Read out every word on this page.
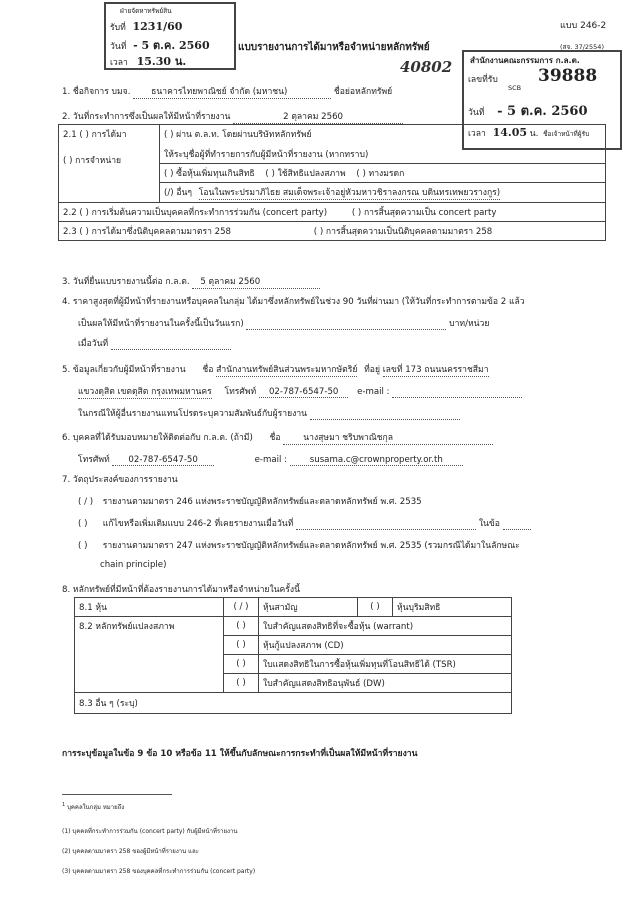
ฝ่ายจัดหาทรัพย์สิน
รับที่ 1231/60
วันที่ - 5 ต.ค. 2560
เวลา 15.30 น.
แบบ 246-2
(สจ. 37/2554)
แบบรายงานการได้มาหรือจำหน่ายหลักทรัพย์
40802 สำนักงานคณะกรรมการ ก.ล.ต.
เลขที่รับ 39888
SCB
วันที่ - 5 ต.ค. 2560
เวลา 14.05 น. ชื่อเจ้าหน้าที่ผู้รับ
1. ชื่อกิจการ บมจ. ธนาคารไทยพาณิชย์ จำกัด (มหาชน)	ชื่อย่อหลักทรัพย์
2. วันที่กระทำการซึ่งเป็นผลให้มีหน้าที่รายงาน	2 ตุลาคม 2560
2.1 ( ) การได้มา
( ) การจำหน่าย

( ) ผ่าน ต.ล.ท. โดยผ่านบริษัทหลักทรัพย์
ให้ระบุชื่อผู้ที่ทำรายการกับผู้มีหน้าที่รายงาน (หากทราบ)

( ) ซื้อหุ้นเพิ่มทุนเกินสิทธิ ( ) ใช้สิทธิแปลงสภาพ ( ) ทางมรดก
(/) อื่นๆ โอนในพระปรมาภิไธย สมเด็จพระเจ้าอยู่หัวมหาวชิราลงกรณ บดินทรเทพยวรางกูร)
2.2 ( ) การเริ่มต้นความเป็นบุคคลที่กระทำการร่วมกัน (concert party)	( ) การสิ้นสุดความเป็น concert party
2.3 ( ) การได้มาซึ่งนิติบุคคลตามมาตรา 258	( ) การสิ้นสุดความเป็นนิติบุคคลตามมาตรา 258
3. วันที่ยื่นแบบรายงานนี้ต่อ ก.ล.ต. 5 ตุลาคม 2560
4. ราคาสูงสุดที่ผู้มีหน้าที่รายงานหรือบุคคลในกลุ่ม ได้มาซึ่งหลักทรัพย์ในช่วง 90 วันที่ผ่านมา (ให้วันที่กระทำการตามข้อ 2 แล้ว
เป็นผลให้มีหน้าที่รายงานในครั้งนี้เป็นวันแรก)	บาท/หน่วย
เมื่อวันที่
5. ข้อมูลเกี่ยวกับผู้มีหน้าที่รายงาน ชื่อ สำนักงานทรัพย์สินส่วนพระมหากษัตริย์ ที่อยู่ เลขที่ 173 ถนนนครราชสีมา
แขวงดุสิต เขตดุสิต กรุงเทพมหานคร โทรศัพท์ 02-787-6547-50 e-mail :
ในกรณีให้ผู้อื่นรายงานแทนโปรดระบุความสัมพันธ์กับผู้รายงาน
6. บุคคลที่ได้รับมอบหมายให้ติดต่อกับ ก.ล.ต. (ถ้ามี) ชื่อ	นางสุษมา ชริบพาณิชกุล
โทรศัพท์ 02-787-6547-50	e-mail :	susama.c@crownproperty.or.th
7. วัตถุประสงค์ของการรายงาน
( / ) รายงานตามมาตรา 246 แห่งพระราชบัญญัติหลักทรัพย์และตลาดหลักทรัพย์ พ.ศ. 2535
( ) แก้ไขหรือเพิ่มเติมแบบ 246-2 ที่เคยรายงานเมื่อวันที่	ในข้อ
( ) รายงานตามมาตรา 247 แห่งพระราชบัญญัติหลักทรัพย์และตลาดหลักทรัพย์ พ.ศ. 2535 (รวมกรณีได้มาในลักษณะ
chain principle)
8. หลักทรัพย์ที่มีหน้าที่ต้องรายงานการได้มาหรือจำหน่ายในครั้งนี้
8.1 หุ้น	( / )	หุ้นสามัญ	( )	หุ้นบุริมสิทธิ
8.2 หลักทรัพย์แปลงสภาพ	( )	ใบสำคัญแสดงสิทธิที่จะซื้อหุ้น (warrant)		
	( )	หุ้นกู้แปลงสภาพ (CD)		
	( )	ใบแสดงสิทธิในการซื้อหุ้นเพิ่มทุนที่โอนสิทธิได้ (TSR)		
	( )	ใบสำคัญแสดงสิทธิอนุพันธ์ (DW)		
8.3 อื่น ๆ (ระบุ)				
การระบุข้อมูลในข้อ 9 ข้อ 10 หรือข้อ 11 ให้ขึ้นกับลักษณะการกระทำที่เป็นผลให้มีหน้าที่รายงาน
$^1$ บุคคลในกลุ่ม หมายถึง
(1) บุคคลที่กระทำการร่วมกัน (concert party) กับผู้มีหน้าที่รายงาน
(2) บุคคลตามมาตรา 258 ของผู้มีหน้าที่รายงาน และ
(3) บุคคลตามมาตรา 258 ของบุคคลที่กระทำการร่วมกัน (concert party)
